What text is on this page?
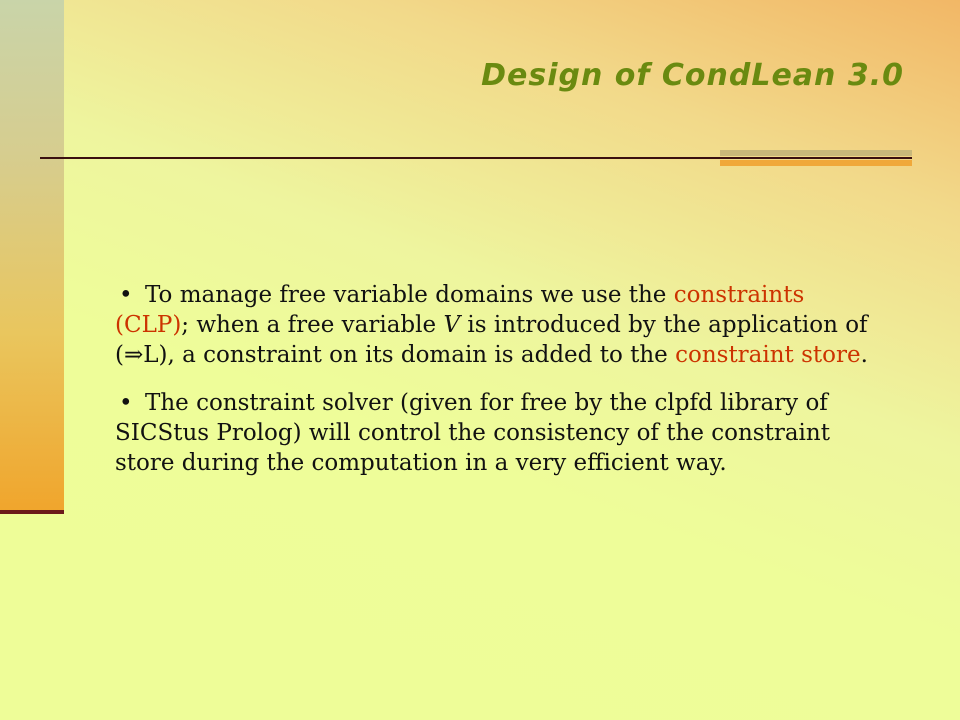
Design of CondLean 3.0

• To manage free variable domains we use the constraints (CLP); when a free variable V is introduced by the application of (⇒L), a constraint on its domain is added to the constraint store.

• The constraint solver (given for free by the clpfd library of SICStus Prolog) will control the consistency of the constraint store during the computation in a very efficient way.
